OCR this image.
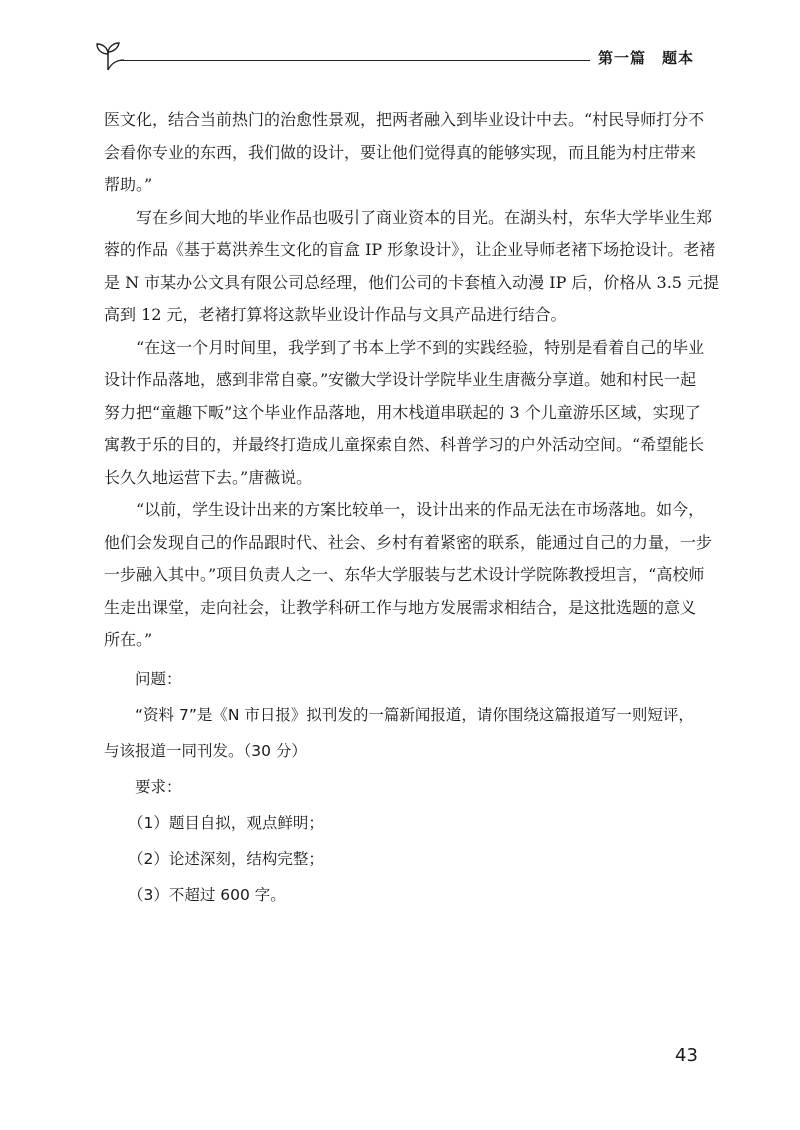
第一篇　题本

医文化，结合当前热门的治愈性景观，把两者融入到毕业设计中去。“村民导师打分不
会看你专业的东西，我们做的设计，要让他们觉得真的能够实现，而且能为村庄带来
帮助。”

写在乡间大地的毕业作品也吸引了商业资本的目光。在湖头村，东华大学毕业生郑
蓉的作品《基于葛洪养生文化的盲盒 IP 形象设计》，让企业导师老褚下场抢设计。老褚
是 N 市某办公文具有限公司总经理，他们公司的卡套植入动漫 IP 后，价格从 3.5 元提
高到 12 元，老褚打算将这款毕业设计作品与文具产品进行结合。

“在这一个月时间里，我学到了书本上学不到的实践经验，特别是看着自己的毕业
设计作品落地，感到非常自豪。”安徽大学设计学院毕业生唐薇分享道。她和村民一起
努力把“童趣下畈”这个毕业作品落地，用木栈道串联起的 3 个儿童游乐区域，实现了
寓教于乐的目的，并最终打造成儿童探索自然、科普学习的户外活动空间。“希望能长
长久久地运营下去。”唐薇说。

“以前，学生设计出来的方案比较单一，设计出来的作品无法在市场落地。如今，
他们会发现自己的作品跟时代、社会、乡村有着紧密的联系，能通过自己的力量，一步
一步融入其中。”项目负责人之一、东华大学服装与艺术设计学院陈教授坦言，“高校师
生走出课堂，走向社会，让教学科研工作与地方发展需求相结合，是这批选题的意义
所在。”

问题：

“资料 7”是《N 市日报》拟刊发的一篇新闻报道，请你围绕这篇报道写一则短评，
与该报道一同刊发。（30 分）

要求：

（1）题目自拟，观点鲜明；

（2）论述深刻，结构完整；

（3）不超过 600 字。

43
